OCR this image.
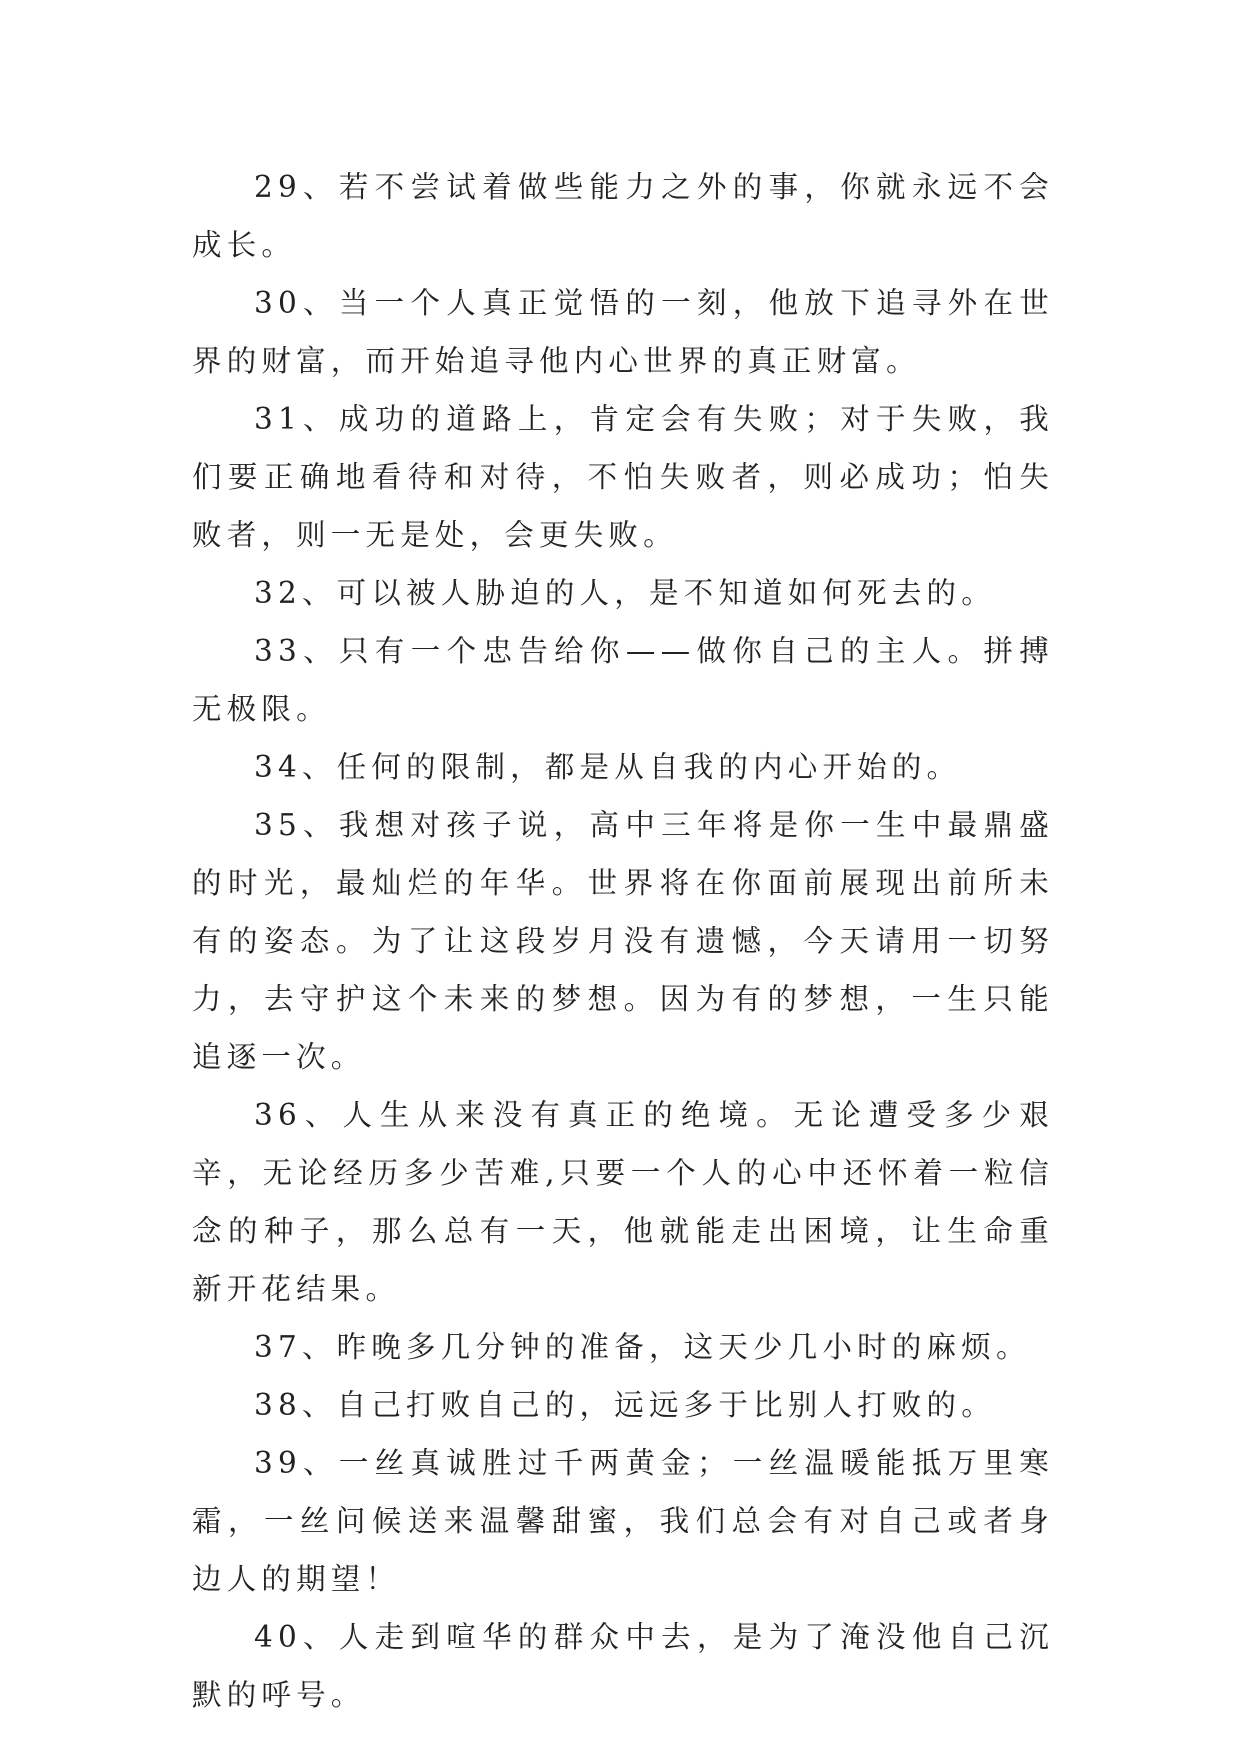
29、若不尝试着做些能力之外的事，你就永远不会成长。

30、当一个人真正觉悟的一刻，他放下追寻外在世界的财富，而开始追寻他内心世界的真正财富。

31、成功的道路上，肯定会有失败；对于失败，我们要正确地看待和对待，不怕失败者，则必成功；怕失败者，则一无是处，会更失败。

32、可以被人胁迫的人，是不知道如何死去的。

33、只有一个忠告给你——做你自己的主人。拼搏无极限。

34、任何的限制，都是从自我的内心开始的。

35、我想对孩子说，高中三年将是你一生中最鼎盛的时光，最灿烂的年华。世界将在你面前展现出前所未有的姿态。为了让这段岁月没有遗憾，今天请用一切努力，去守护这个未来的梦想。因为有的梦想，一生只能追逐一次。

36、人生从来没有真正的绝境。无论遭受多少艰辛，无论经历多少苦难,只要一个人的心中还怀着一粒信念的种子，那么总有一天，他就能走出困境，让生命重新开花结果。

37、昨晚多几分钟的准备，这天少几小时的麻烦。

38、自己打败自己的，远远多于比别人打败的。

39、一丝真诚胜过千两黄金；一丝温暖能抵万里寒霜，一丝问候送来温馨甜蜜，我们总会有对自己或者身边人的期望！

40、人走到喧华的群众中去，是为了淹没他自己沉默的呼号。
